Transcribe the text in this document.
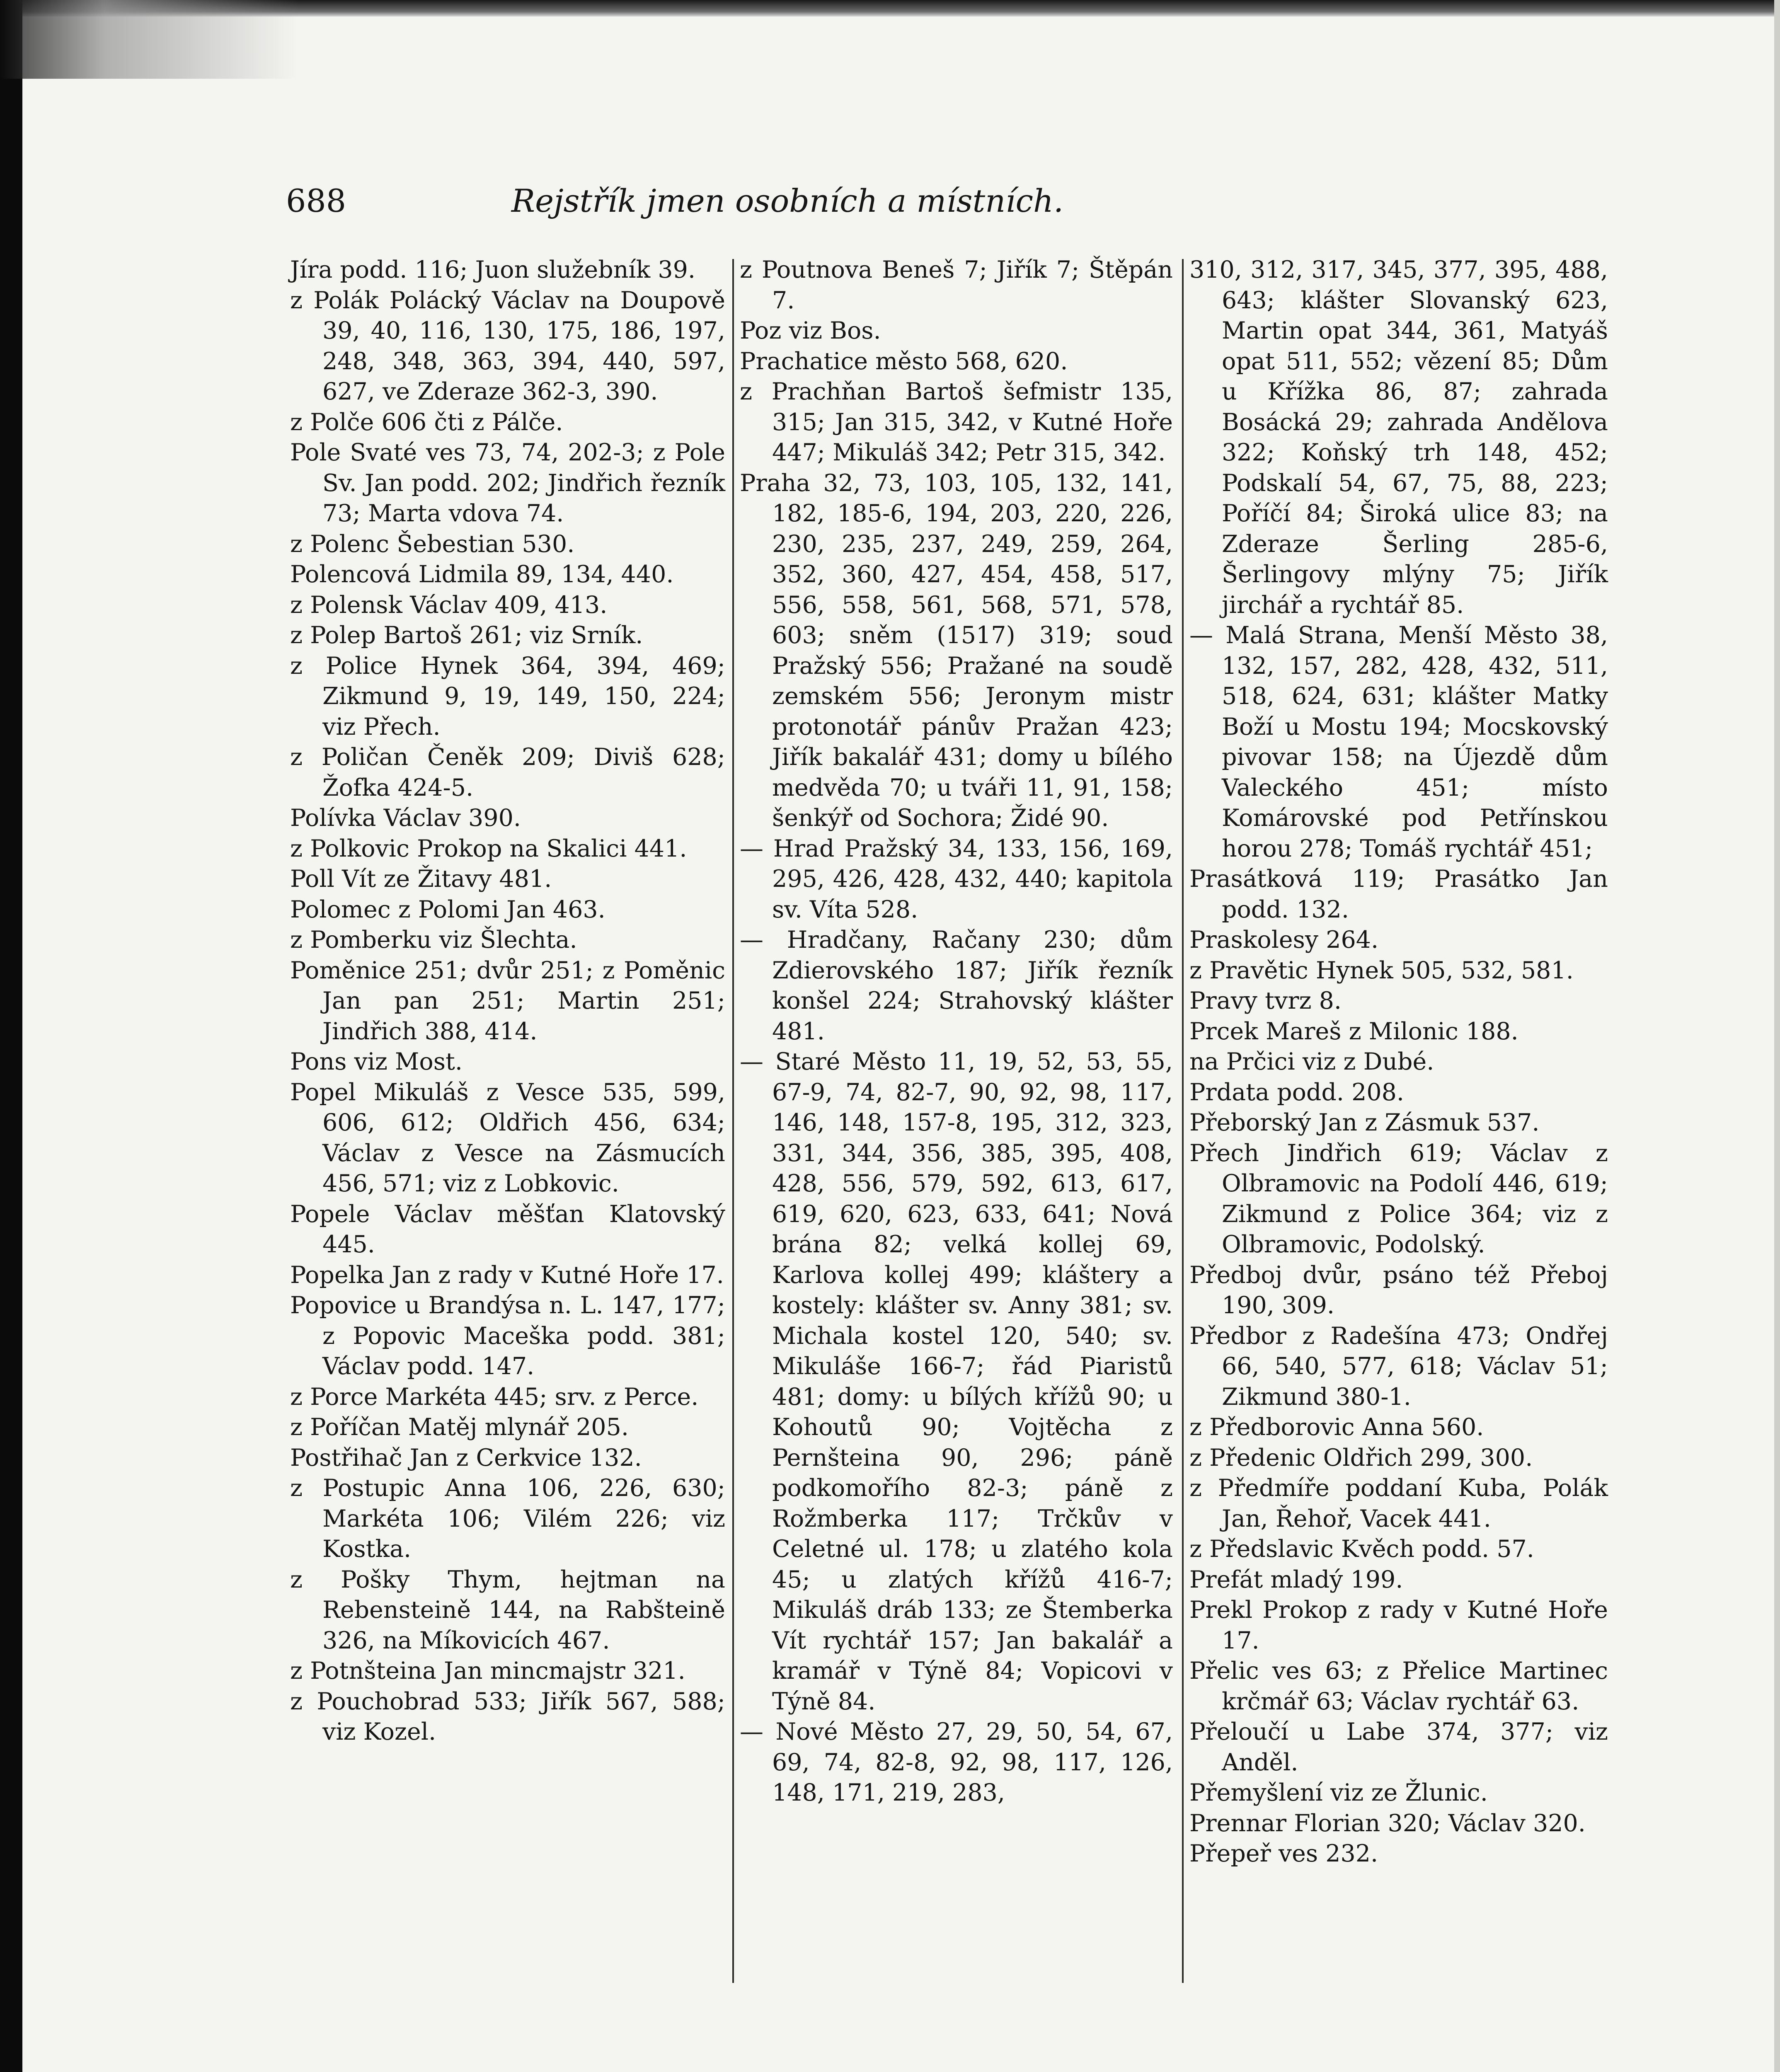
688	Rejstřík jmen osobních a místních.

Jíra podd. 116; Juon služebník 39.

z Polák Polácký Václav na Doupově 39, 40, 116, 130, 175, 186, 197, 248, 348, 363, 394, 440, 597, 627, ve Zderaze 362-3, 390.

z Polče 606 čti z Pálče.

Pole Svaté ves 73, 74, 202-3; z Pole Sv. Jan podd. 202; Jindřich řezník 73; Marta vdova 74.

z Polenc Šebestian 530.

Polencová Lidmila 89, 134, 440.

z Polensk Václav 409, 413.

z Polep Bartoš 261; viz Srník.

z Police Hynek 364, 394, 469; Zikmund 9, 19, 149, 150, 224; viz Přech.

z Poličan Čeněk 209; Diviš 628; Žofka 424-5.

Polívka Václav 390.

z Polkovic Prokop na Skalici 441.

Poll Vít ze Žitavy 481.

Polomec z Polomi Jan 463.

z Pomberku viz Šlechta.

Poměnice 251; dvůr 251; z Poměnic Jan pan 251; Martin 251; Jindřich 388, 414.

Pons viz Most.

Popel Mikuláš z Vesce 535, 599, 606, 612; Oldřich 456, 634; Václav z Vesce na Zásmucích 456, 571; viz z Lobkovic.

Popele Václav měšťan Klatovský 445.

Popelka Jan z rady v Kutné Hoře 17.

Popovice u Brandýsa n. L. 147, 177; z Popovic Maceška podd. 381; Václav podd. 147.

z Porce Markéta 445; srv. z Perce.

z Poříčan Matěj mlynář 205.

Postřihač Jan z Cerkvice 132.

z Postupic Anna 106, 226, 630; Markéta 106; Vilém 226; viz Kostka.

z Pošky Thym, hejtman na Rebensteině 144, na Rabšteině 326, na Míkovicích 467.

z Potnšteina Jan mincmajstr 321.

z Pouchobrad 533; Jiřík 567, 588; viz Kozel.

z Poutnova Beneš 7; Jiřík 7; Štěpán 7.

Poz viz Bos.

Prachatice město 568, 620.

z Prachňan Bartoš šefmistr 135, 315; Jan 315, 342, v Kutné Hoře 447; Mikuláš 342; Petr 315, 342.

Praha 32, 73, 103, 105, 132, 141, 182, 185-6, 194, 203, 220, 226, 230, 235, 237, 249, 259, 264, 352, 360, 427, 454, 458, 517, 556, 558, 561, 568, 571, 578, 603; sněm (1517) 319; soud Pražský 556; Pražané na soudě zemském 556; Jeronym mistr protonotář pánův Pražan 423; Jiřík bakalář 431; domy u bílého medvěda 70; u tváři 11, 91, 158; šenkýř od Sochora; Židé 90.

— Hrad Pražský 34, 133, 156, 169, 295, 426, 428, 432, 440; kapitola sv. Víta 528.

— Hradčany, Račany 230; dům Zdierovského 187; Jiřík řezník konšel 224; Strahovský klášter 481.

— Staré Město 11, 19, 52, 53, 55, 67-9, 74, 82-7, 90, 92, 98, 117, 146, 148, 157-8, 195, 312, 323, 331, 344, 356, 385, 395, 408, 428, 556, 579, 592, 613, 617, 619, 620, 623, 633, 641; Nová brána 82; velká kollej 69, Karlova kollej 499; kláštery a kostely: klášter sv. Anny 381; sv. Michala kostel 120, 540; sv. Mikuláše 166-7; řád Piaristů 481; domy: u bílých křížů 90; u Kohoutů 90; Vojtěcha z Pernšteina 90, 296; páně podkomořího 82-3; páně z Rožmberka 117; Trčkův v Celetné ul. 178; u zlatého kola 45; u zlatých křížů 416-7; Mikuláš dráb 133; ze Štemberka Vít rychtář 157; Jan bakalář a kramář v Týně 84; Vopicovi v Týně 84.

— Nové Město 27, 29, 50, 54, 67, 69, 74, 82-8, 92, 98, 117, 126, 148, 171, 219, 283,

310, 312, 317, 345, 377, 395, 488, 643; klášter Slovanský 623, Martin opat 344, 361, Matyáš opat 511, 552; vězení 85; Dům u Křížka 86, 87; zahrada Bosácká 29; zahrada Andělova 322; Koňský trh 148, 452; Podskalí 54, 67, 75, 88, 223; Poříčí 84; Široká ulice 83; na Zderaze Šerling 285-6, Šerlingovy mlýny 75; Jiřík jirchář a rychtář 85.

— Malá Strana, Menší Město 38, 132, 157, 282, 428, 432, 511, 518, 624, 631; klášter Matky Boží u Mostu 194; Mocskovský pivovar 158; na Újezdě dům Valeckého 451; místo Komárovské pod Petřínskou horou 278; Tomáš rychtář 451;

Prasátková 119; Prasátko Jan podd. 132.

Praskolesy 264.

z Pravětic Hynek 505, 532, 581.

Pravy tvrz 8.

Prcek Mareš z Milonic 188.

na Prčici viz z Dubé.

Prdata podd. 208.

Přeborský Jan z Zásmuk 537.

Přech Jindřich 619; Václav z Olbramovic na Podolí 446, 619; Zikmund z Police 364; viz z Olbramovic, Podolský.

Předboj dvůr, psáno též Přeboj 190, 309.

Předbor z Radešína 473; Ondřej 66, 540, 577, 618; Václav 51; Zikmund 380-1.

z Předborovic Anna 560.

z Předenic Oldřich 299, 300.

z Předmíře poddaní Kuba, Polák Jan, Řehoř, Vacek 441.

z Předslavic Kvěch podd. 57.

Prefát mladý 199.

Prekl Prokop z rady v Kutné Hoře 17.

Přelic ves 63; z Přelice Martinec krčmář 63; Václav rychtář 63.

Přeloučí u Labe 374, 377; viz Anděl.

Přemyšlení viz ze Žlunic.

Prennar Florian 320; Václav 320.

Přepeř ves 232.
